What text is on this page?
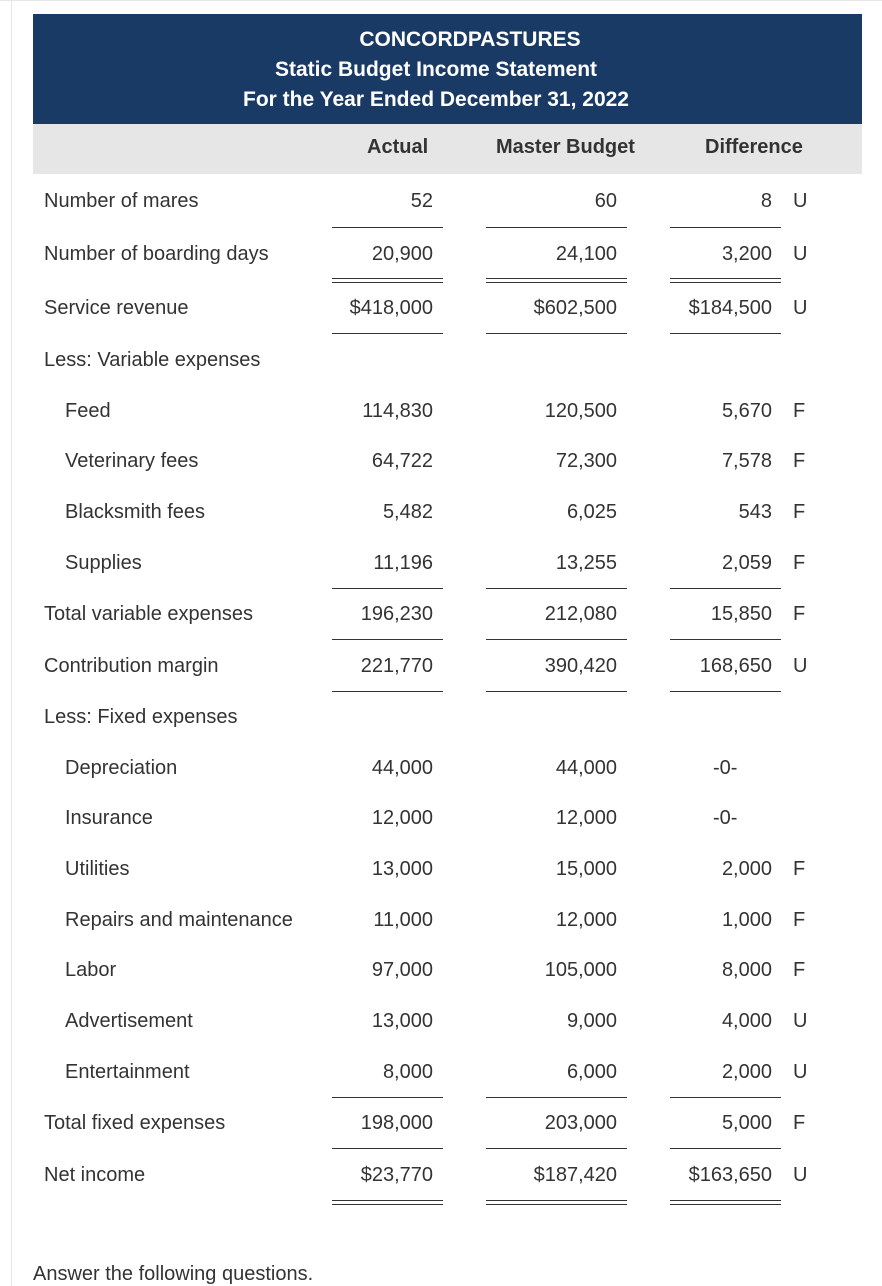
CONCORDPASTURES
Static Budget Income Statement
For the Year Ended December 31, 2022
Actual	Master Budget	Difference
Number of mares	52	60	8 U
Number of boarding days	20,900	24,100	3,200 U
Service revenue	$418,000	$602,500	$184,500 U
Less: Variable expenses
Feed	114,830	120,500	5,670 F
Veterinary fees	64,722	72,300	7,578 F
Blacksmith fees	5,482	6,025	543 F
Supplies	11,196	13,255	2,059 F
Total variable expenses	196,230	212,080	15,850 F
Contribution margin	221,770	390,420	168,650 U
Less: Fixed expenses
Depreciation	44,000	44,000	-0-
Insurance	12,000	12,000	-0-
Utilities	13,000	15,000	2,000 F
Repairs and maintenance	11,000	12,000	1,000 F
Labor	97,000	105,000	8,000 F
Advertisement	13,000	9,000	4,000 U
Entertainment	8,000	6,000	2,000 U
Total fixed expenses	198,000	203,000	5,000 F
Net income	$23,770	$187,420	$163,650 U
Answer the following questions.
